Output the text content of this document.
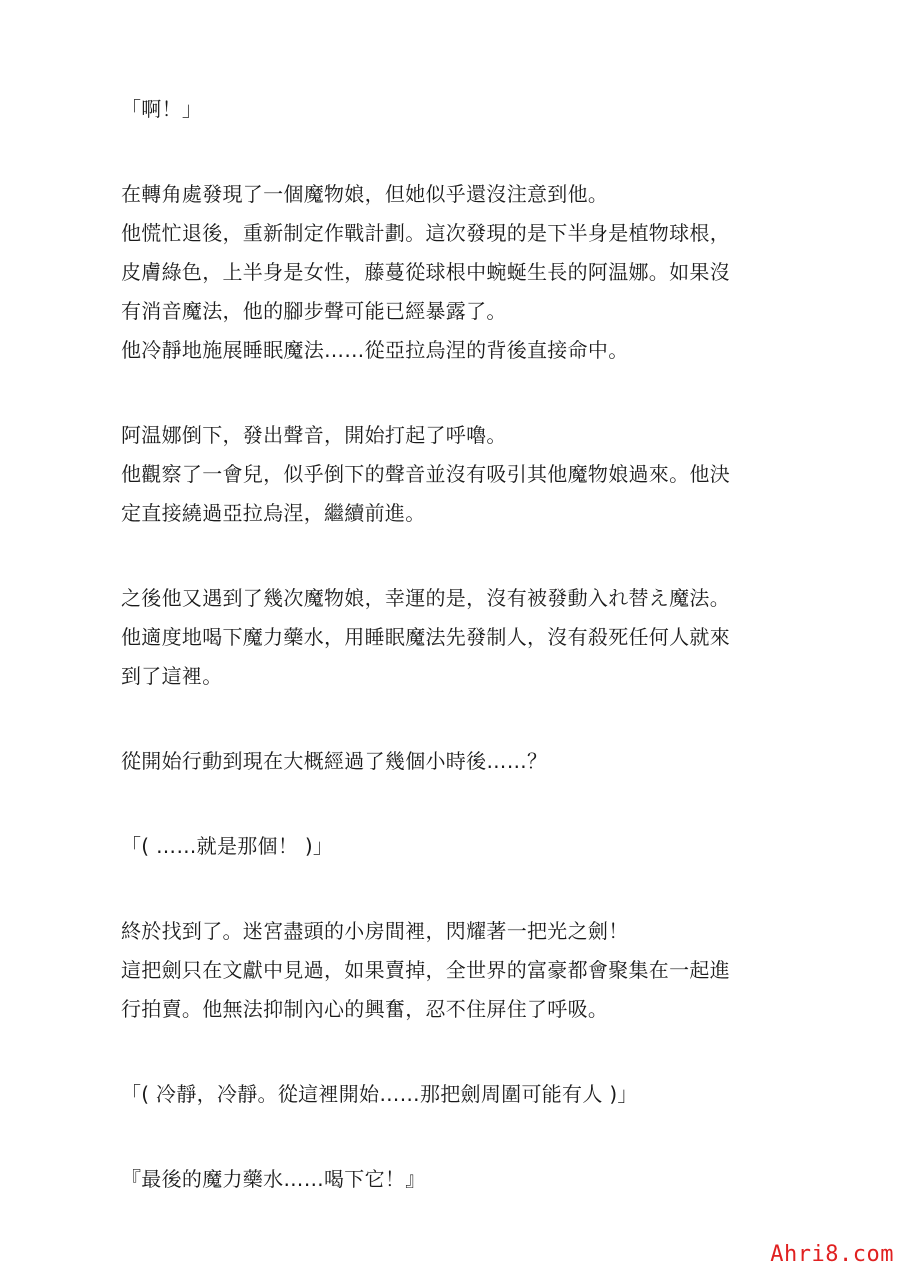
「啊！」
在轉角處發現了一個魔物娘，但她似乎還沒注意到他。
他慌忙退後，重新制定作戰計劃。這次發現的是下半身是植物球根，
皮膚綠色，上半身是女性，藤蔓從球根中蜿蜒生長的阿温娜。如果沒
有消音魔法，他的腳步聲可能已經暴露了。
他冷靜地施展睡眠魔法……從亞拉烏涅的背後直接命中。
阿温娜倒下，發出聲音，開始打起了呼嚕。
他觀察了一會兒，似乎倒下的聲音並沒有吸引其他魔物娘過來。他決
定直接繞過亞拉烏涅，繼續前進。
之後他又遇到了幾次魔物娘，幸運的是，沒有被發動入れ替え魔法。
他適度地喝下魔力藥水，用睡眠魔法先發制人，沒有殺死任何人就來
到了這裡。
從開始行動到現在大概經過了幾個小時後……？
「( ……就是那個！ )」
終於找到了。迷宮盡頭的小房間裡，閃耀著一把光之劍！
這把劍只在文獻中見過，如果賣掉，全世界的富豪都會聚集在一起進
行拍賣。他無法抑制內心的興奮，忍不住屏住了呼吸。
「( 冷靜，冷靜。從這裡開始……那把劍周圍可能有人 )」
『最後的魔力藥水……喝下它！』
Ahri8.com
